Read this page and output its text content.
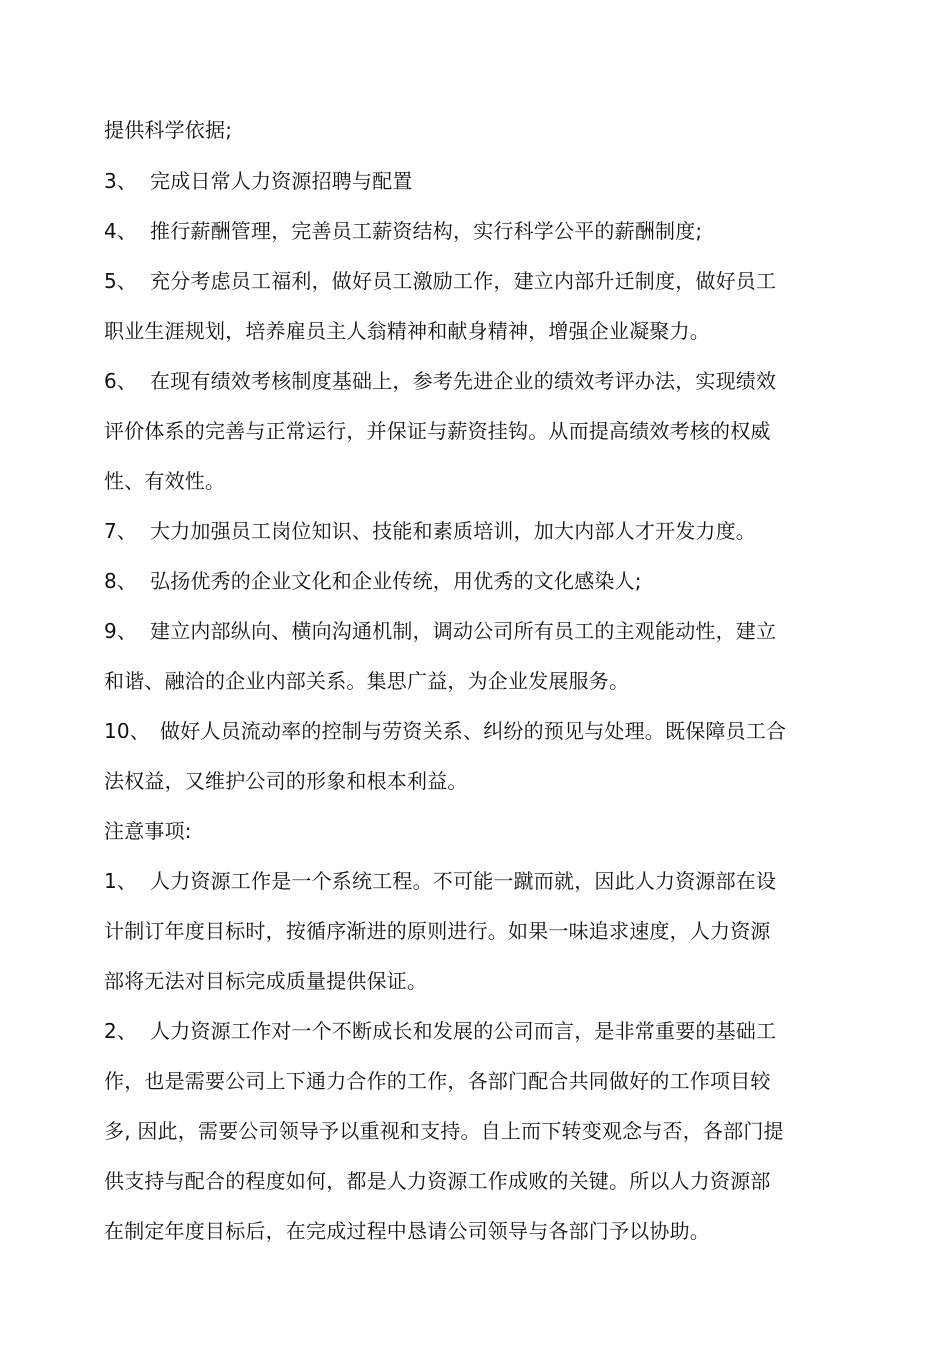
提供科学依据;
3、 完成日常人力资源招聘与配置
4、 推行薪酬管理，完善员工薪资结构，实行科学公平的薪酬制度;
5、 充分考虑员工福利，做好员工激励工作，建立内部升迁制度，做好员工
职业生涯规划，培养雇员主人翁精神和献身精神，增强企业凝聚力。
6、 在现有绩效考核制度基础上，参考先进企业的绩效考评办法，实现绩效
评价体系的完善与正常运行，并保证与薪资挂钩。从而提高绩效考核的权威
性、有效性。
7、 大力加强员工岗位知识、技能和素质培训，加大内部人才开发力度。
8、 弘扬优秀的企业文化和企业传统，用优秀的文化感染人;
9、 建立内部纵向、横向沟通机制，调动公司所有员工的主观能动性，建立
和谐、融洽的企业内部关系。集思广益，为企业发展服务。
10、 做好人员流动率的控制与劳资关系、纠纷的预见与处理。既保障员工合
法权益，又维护公司的形象和根本利益。
注意事项:
1、 人力资源工作是一个系统工程。不可能一蹴而就，因此人力资源部在设
计制订年度目标时，按循序渐进的原则进行。如果一味追求速度，人力资源
部将无法对目标完成质量提供保证。
2、 人力资源工作对一个不断成长和发展的公司而言，是非常重要的基础工
作，也是需要公司上下通力合作的工作，各部门配合共同做好的工作项目较
多, 因此，需要公司领导予以重视和支持。自上而下转变观念与否，各部门提
供支持与配合的程度如何，都是人力资源工作成败的关键。所以人力资源部
在制定年度目标后，在完成过程中恳请公司领导与各部门予以协助。
